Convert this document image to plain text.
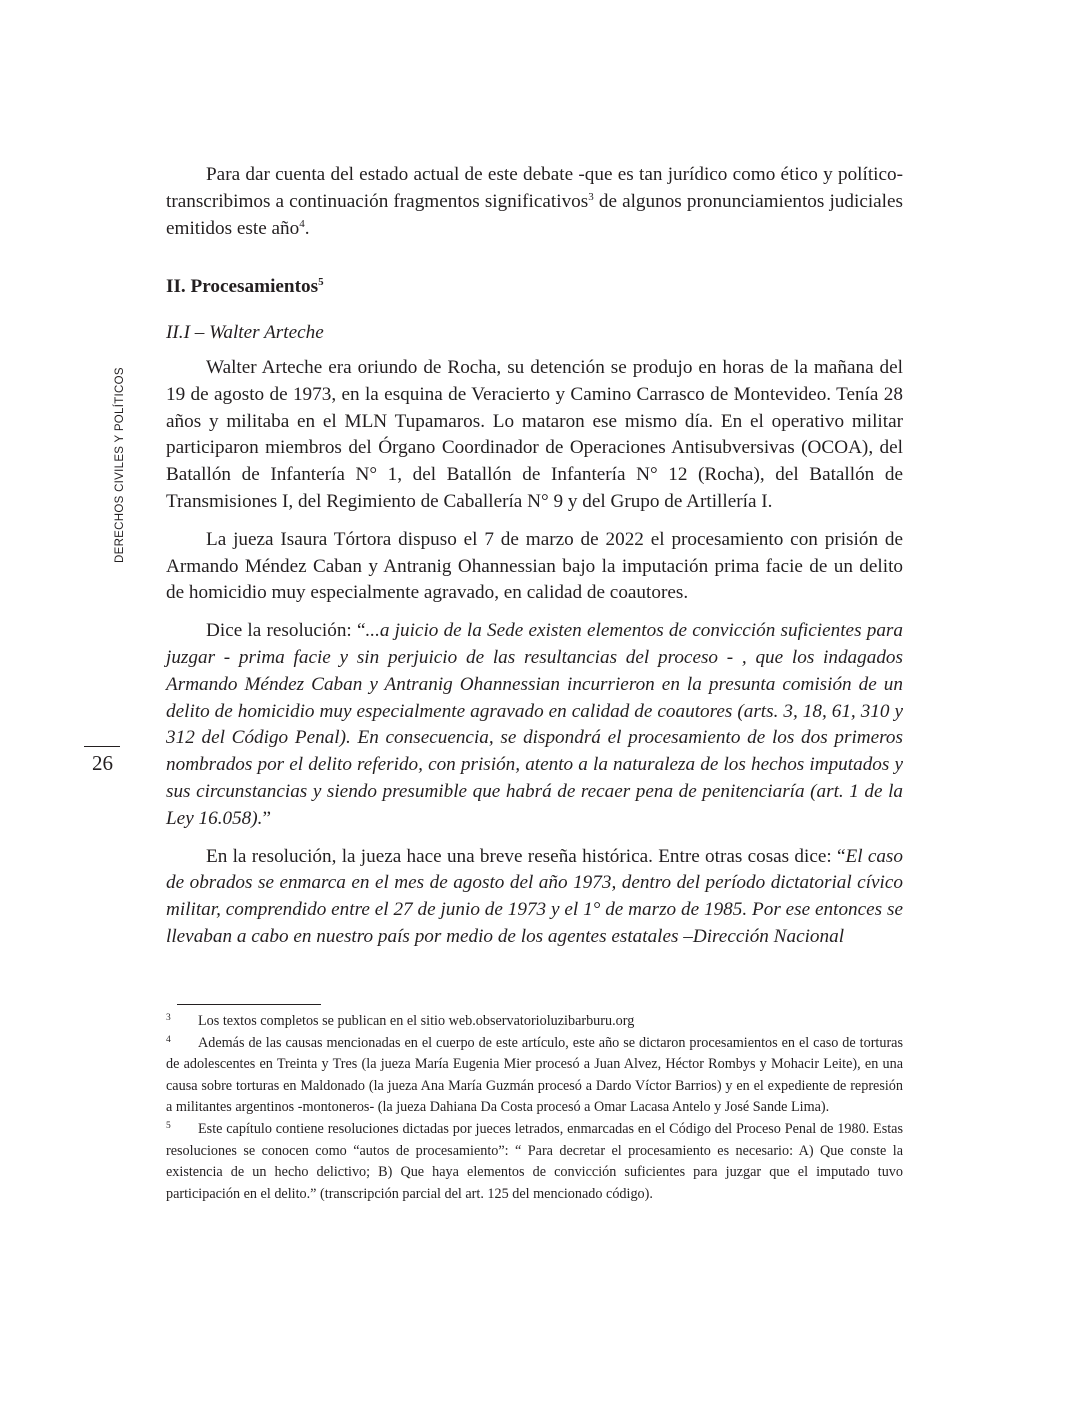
DERECHOS CIVILES Y POLÍTICOS
26

Para dar cuenta del estado actual de este debate -que es tan jurídico como ético y político- transcribimos a continuación fragmentos significativos$^3$ de algunos pronunciamientos judiciales emitidos este año$^4$.

II. Procesamientos$^5$
II.I – Walter Arteche

Walter Arteche era oriundo de Rocha, su detención se produjo en horas de la mañana del 19 de agosto de 1973, en la esquina de Veracierto y Camino Carrasco de Montevideo. Tenía 28 años y militaba en el MLN Tupamaros. Lo mataron ese mismo día. En el operativo militar participaron miembros del Órgano Coordinador de Operaciones Antisubversivas (OCOA), del Batallón de Infantería N° 1, del Batallón de Infantería N° 12 (Rocha), del Batallón de Transmisiones I, del Regimiento de Caballería N° 9 y del Grupo de Artillería I.

La jueza Isaura Tórtora dispuso el 7 de marzo de 2022 el procesamiento con prisión de Armando Méndez Caban y Antranig Ohannessian bajo la imputación prima facie de un delito de homicidio muy especialmente agravado, en calidad de coautores.

Dice la resolución: “...a juicio de la Sede existen elementos de convicción suficientes para juzgar - prima facie y sin perjuicio de las resultancias del proceso - , que los indagados Armando Méndez Caban y Antranig Ohannessian incurrieron en la presunta comisión de un delito de homicidio muy especialmente agravado en calidad de coautores (arts. 3, 18, 61, 310 y 312 del Código Penal). En consecuencia, se dispondrá el procesamiento de los dos primeros nombrados por el delito referido, con prisión, atento a la naturaleza de los hechos imputados y sus circunstancias y siendo presumible que habrá de recaer pena de penitenciaría (art. 1 de la Ley 16.058).”

En la resolución, la jueza hace una breve reseña histórica. Entre otras cosas dice: “El caso de obrados se enmarca en el mes de agosto del año 1973, dentro del período dictatorial cívico militar, comprendido entre el 27 de junio de 1973 y el 1° de marzo de 1985. Por ese entonces se llevaban a cabo en nuestro país por medio de los agentes estatales –Dirección Nacional

3 Los textos completos se publican en el sitio web.observatorioluzibarburu.org

4 Además de las causas mencionadas en el cuerpo de este artículo, este año se dictaron procesamientos en el caso de torturas de adolescentes en Treinta y Tres (la jueza María Eugenia Mier procesó a Juan Alvez, Héctor Rombys y Mohacir Leite), en una causa sobre torturas en Maldonado (la jueza Ana María Guzmán procesó a Dardo Víctor Barrios) y en el expediente de represión a militantes argentinos -montoneros- (la jueza Dahiana Da Costa procesó a Omar Lacasa Antelo y José Sande Lima).

5 Este capítulo contiene resoluciones dictadas por jueces letrados, enmarcadas en el Código del Proceso Penal de 1980. Estas resoluciones se conocen como “autos de procesamiento”: “ Para decretar el procesamiento es necesario: A) Que conste la existencia de un hecho delictivo; B) Que haya elementos de convicción suficientes para juzgar que el imputado tuvo participación en el delito.” (transcripción parcial del art. 125 del mencionado código).
